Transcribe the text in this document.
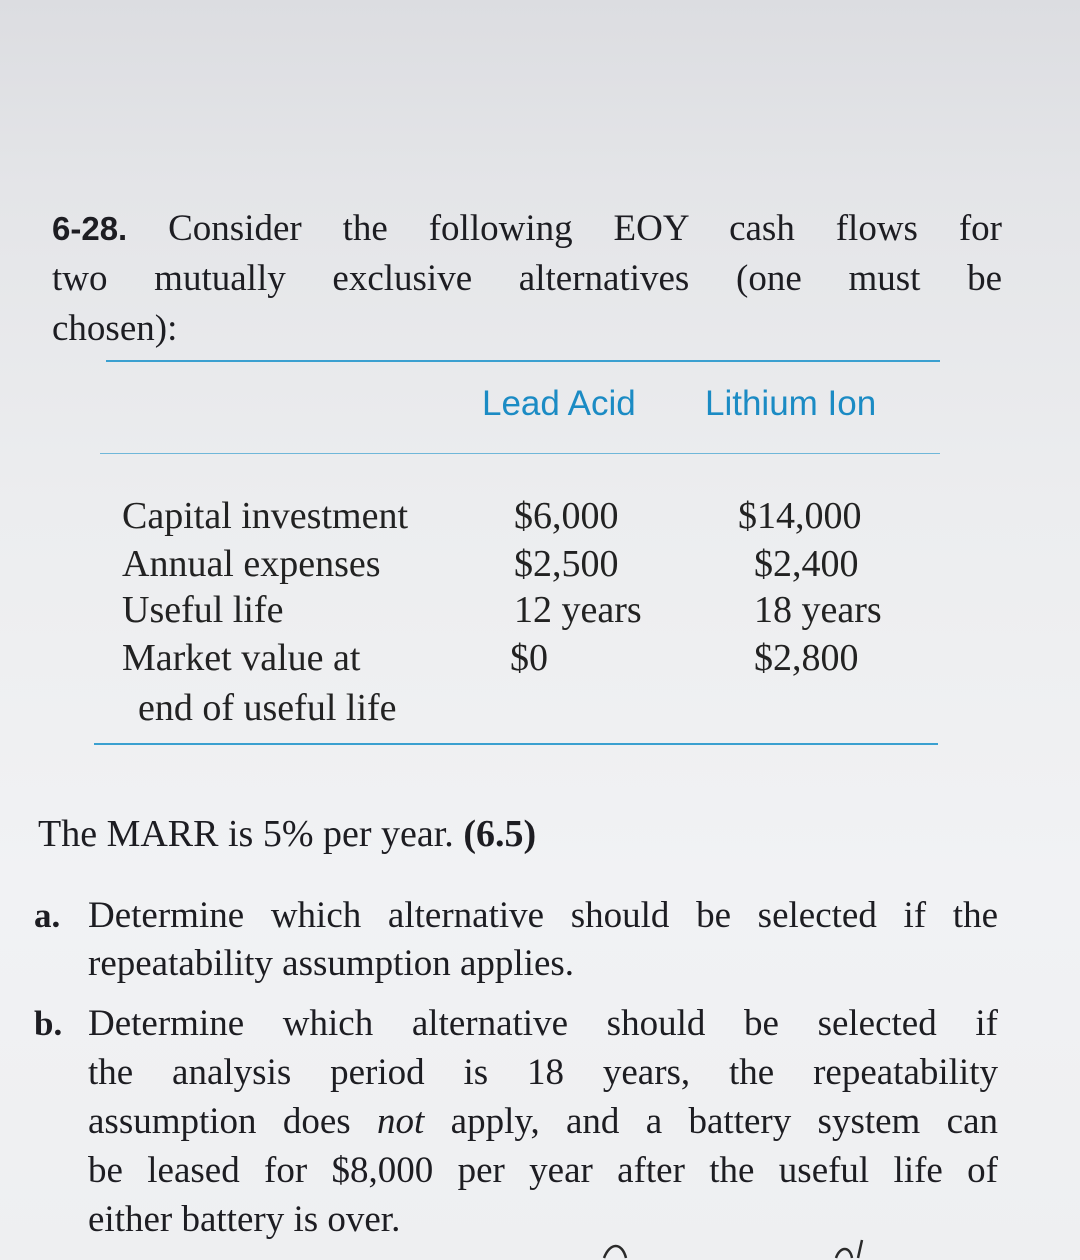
6-28. Consider the following EOY cash flows for
two mutually exclusive alternatives (one must be
chosen):
Lead Acid Lithium Ion
Capital investment	$6,000	$14,000
Annual expenses	$2,500	$2,400
Useful life	12 years	18 years
Market value at
end of useful life
$0	$2,800
The MARR is 5% per year. (6.5)
a. Determine which alternative should be selected if the
repeatability assumption applies.
b. Determine which alternative should be selected if
the analysis period is 18 years, the repeatability
assumption does not apply, and a battery system can
be leased for $8,000 per year after the useful life of
either battery is over.
